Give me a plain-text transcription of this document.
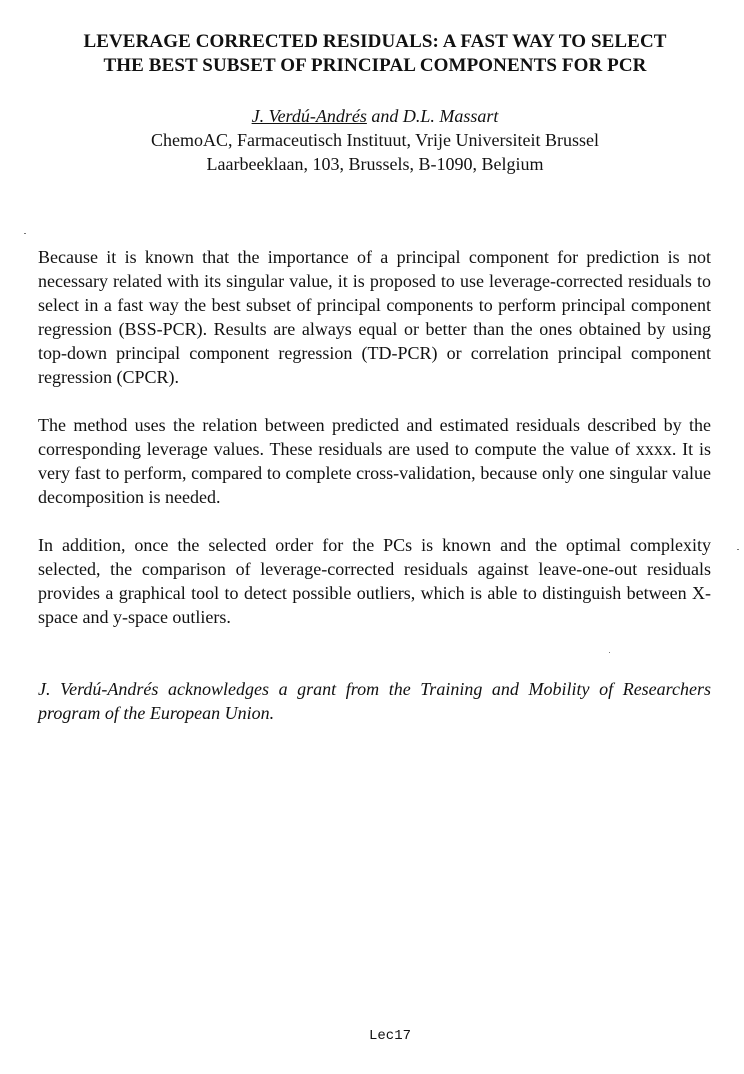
LEVERAGE CORRECTED RESIDUALS: A FAST WAY TO SELECT
THE BEST SUBSET OF PRINCIPAL COMPONENTS FOR PCR
J. Verdú-Andrés and D.L. Massart
ChemoAC, Farmaceutisch Instituut, Vrije Universiteit Brussel
Laarbeeklaan, 103, Brussels, B-1090, Belgium

Because it is known that the importance of a principal component for prediction is not necessary related with its singular value, it is proposed to use leverage-corrected residuals to select in a fast way the best subset of principal components to perform principal component regression (BSS-PCR). Results are always equal or better than the ones obtained by using top-down principal component regression (TD-PCR) or correlation principal component regression (CPCR).

The method uses the relation between predicted and estimated residuals described by the corresponding leverage values. These residuals are used to compute the value of xxxx. It is very fast to perform, compared to complete cross-validation, because only one singular value decomposition is needed.

In addition, once the selected order for the PCs is known and the optimal complexity selected, the comparison of leverage-corrected residuals against leave-one-out residuals provides a graphical tool to detect possible outliers, which is able to distinguish between X-space and y-space outliers.

J. Verdú-Andrés acknowledges a grant from the Training and Mobility of Researchers program of the European Union.
Lec17
